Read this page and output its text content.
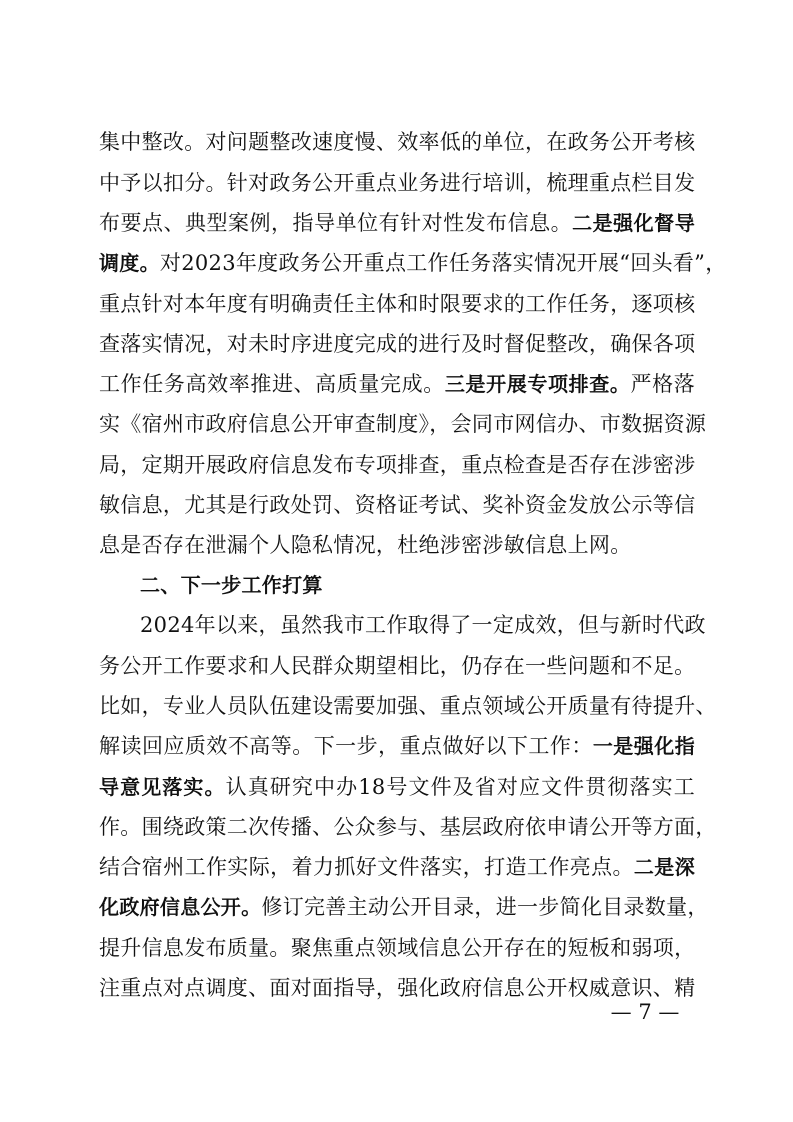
集中整改。对问题整改速度慢、效率低的单位，在政务公开考核
中予以扣分。针对政务公开重点业务进行培训，梳理重点栏目发
布要点、典型案例，指导单位有针对性发布信息。二是强化督导
调度。对2023年度政务公开重点工作任务落实情况开展“回头看”，
重点针对本年度有明确责任主体和时限要求的工作任务，逐项核
查落实情况，对未时序进度完成的进行及时督促整改，确保各项
工作任务高效率推进、高质量完成。三是开展专项排查。严格落
实《宿州市政府信息公开审查制度》，会同市网信办、市数据资源
局，定期开展政府信息发布专项排查，重点检查是否存在涉密涉
敏信息，尤其是行政处罚、资格证考试、奖补资金发放公示等信
息是否存在泄漏个人隐私情况，杜绝涉密涉敏信息上网。
二、下一步工作打算
2024年以来，虽然我市工作取得了一定成效，但与新时代政
务公开工作要求和人民群众期望相比，仍存在一些问题和不足。
比如，专业人员队伍建设需要加强、重点领域公开质量有待提升、
解读回应质效不高等。下一步，重点做好以下工作：一是强化指
导意见落实。认真研究中办18号文件及省对应文件贯彻落实工
作。围绕政策二次传播、公众参与、基层政府依申请公开等方面，
结合宿州工作实际，着力抓好文件落实，打造工作亮点。二是深
化政府信息公开。修订完善主动公开目录，进一步简化目录数量，
提升信息发布质量。聚焦重点领域信息公开存在的短板和弱项，
注重点对点调度、面对面指导，强化政府信息公开权威意识、精
— 7 —
